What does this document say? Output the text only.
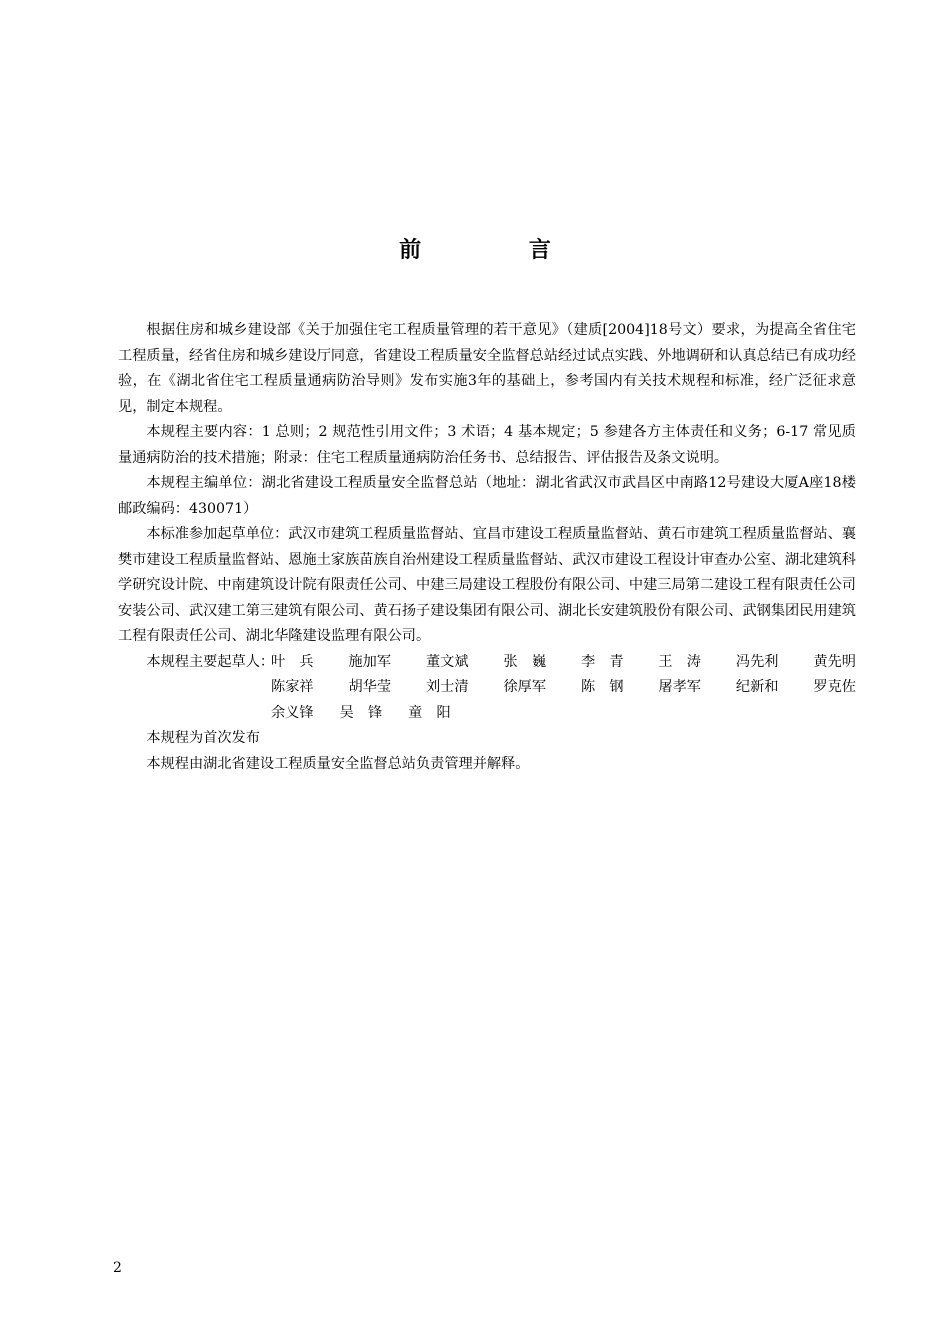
前 言

根据住房和城乡建设部《关于加强住宅工程质量管理的若干意见》（建质[2004]18号文）要求，为提高全省住宅工程质量，经省住房和城乡建设厅同意，省建设工程质量安全监督总站经过试点实践、外地调研和认真总结已有成功经验，在《湖北省住宅工程质量通病防治导则》发布实施3年的基础上，参考国内有关技术规程和标准，经广泛征求意见，制定本规程。

本规程主要内容：1 总则；2 规范性引用文件；3 术语；4 基本规定；5 参建各方主体责任和义务；6-17 常见质量通病防治的技术措施；附录：住宅工程质量通病防治任务书、总结报告、评估报告及条文说明。

本规程主编单位：湖北省建设工程质量安全监督总站（地址：湖北省武汉市武昌区中南路12号建设大厦A座18楼　　邮政编码：430071）

本标准参加起草单位：武汉市建筑工程质量监督站、宜昌市建设工程质量监督站、黄石市建筑工程质量监督站、襄樊市建设工程质量监督站、恩施土家族苗族自治州建设工程质量监督站、武汉市建设工程设计审查办公室、湖北建筑科学研究设计院、中南建筑设计院有限责任公司、中建三局建设工程股份有限公司、中建三局第二建设工程有限责任公司安装公司、武汉建工第三建筑有限公司、黄石扬子建设集团有限公司、湖北长安建筑股份有限公司、武钢集团民用建筑工程有限责任公司、湖北华隆建设监理有限公司。

本规程主要起草人：
叶　兵 施加军 董文斌 张　巍 李　青 王　涛 冯先利 黄先明
陈家祥 胡华莹 刘士清 徐厚军 陈　钢 屠孝军 纪新和 罗克佐
余义锋 吴　锋 童　阳

本规程为首次发布

本规程由湖北省建设工程质量安全监督总站负责管理并解释。

2
